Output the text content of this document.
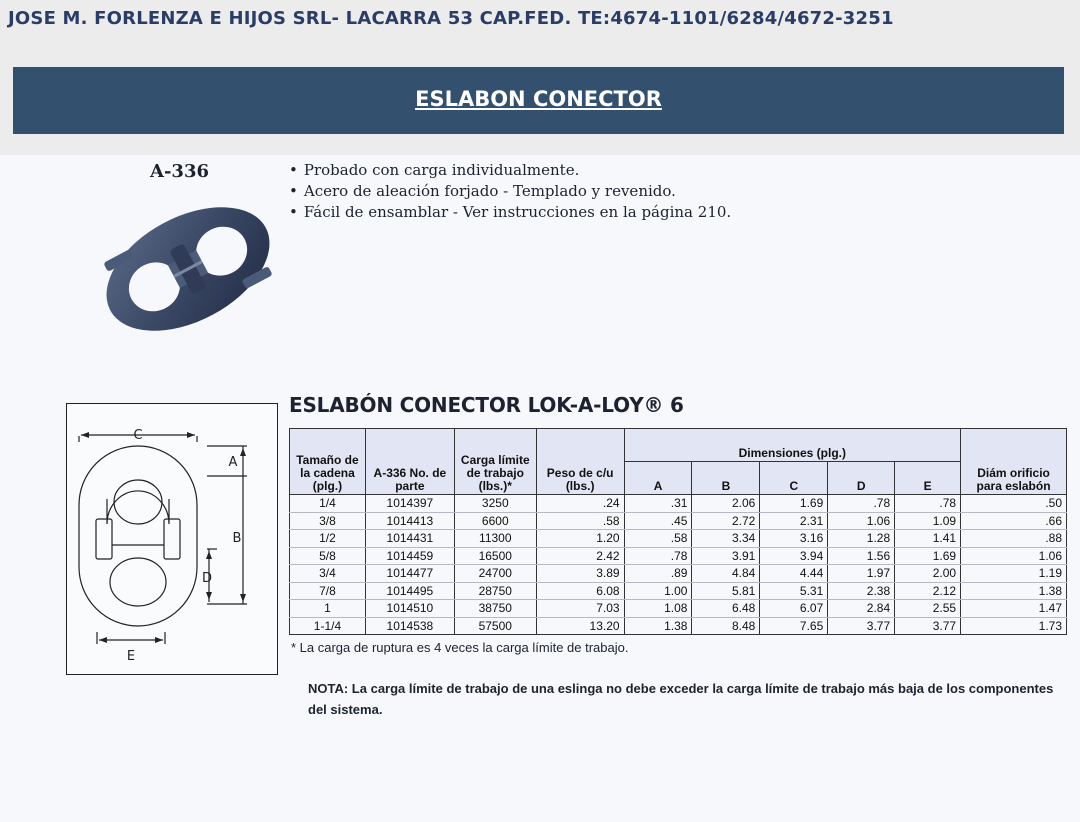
JOSE M. FORLENZA E HIJOS SRL- LACARRA 53 CAP.FED. TE:4674-1101/6284/4672-3251
ESLABON CONECTOR
A-336	• Probado con carga individualmente.
• Acero de aleación forjado - Templado y revenido.
• Fácil de ensamblar - Ver instrucciones en la página 210.
C
A
B
D
E
ESLABÓN CONECTOR LOK-A-LOY® 6
Tamaño de la cadena (plg.)	A-336 No. de parte	Carga límite de trabajo (lbs.)*	Peso de c/u (lbs.)	Dimensiones (plg.)					Diám orificio para eslabón
				A	B	C	D	E	
1/4	1014397	3250	.24	.31	2.06	1.69	.78	.78	.50
3/8	1014413	6600	.58	.45	2.72	2.31	1.06	1.09	.66
1/2	1014431	11300	1.20	.58	3.34	3.16	1.28	1.41	.88
5/8	1014459	16500	2.42	.78	3.91	3.94	1.56	1.69	1.06
3/4	1014477	24700	3.89	.89	4.84	4.44	1.97	2.00	1.19
7/8	1014495	28750	6.08	1.00	5.81	5.31	2.38	2.12	1.38
1	1014510	38750	7.03	1.08	6.48	6.07	2.84	2.55	1.47
1-1/4	1014538	57500	13.20	1.38	8.48	7.65	3.77	3.77	1.73
* La carga de ruptura es 4 veces la carga límite de trabajo.
NOTA: La carga límite de trabajo de una eslinga no debe exceder la carga límite de trabajo más baja de los componentes del sistema.
